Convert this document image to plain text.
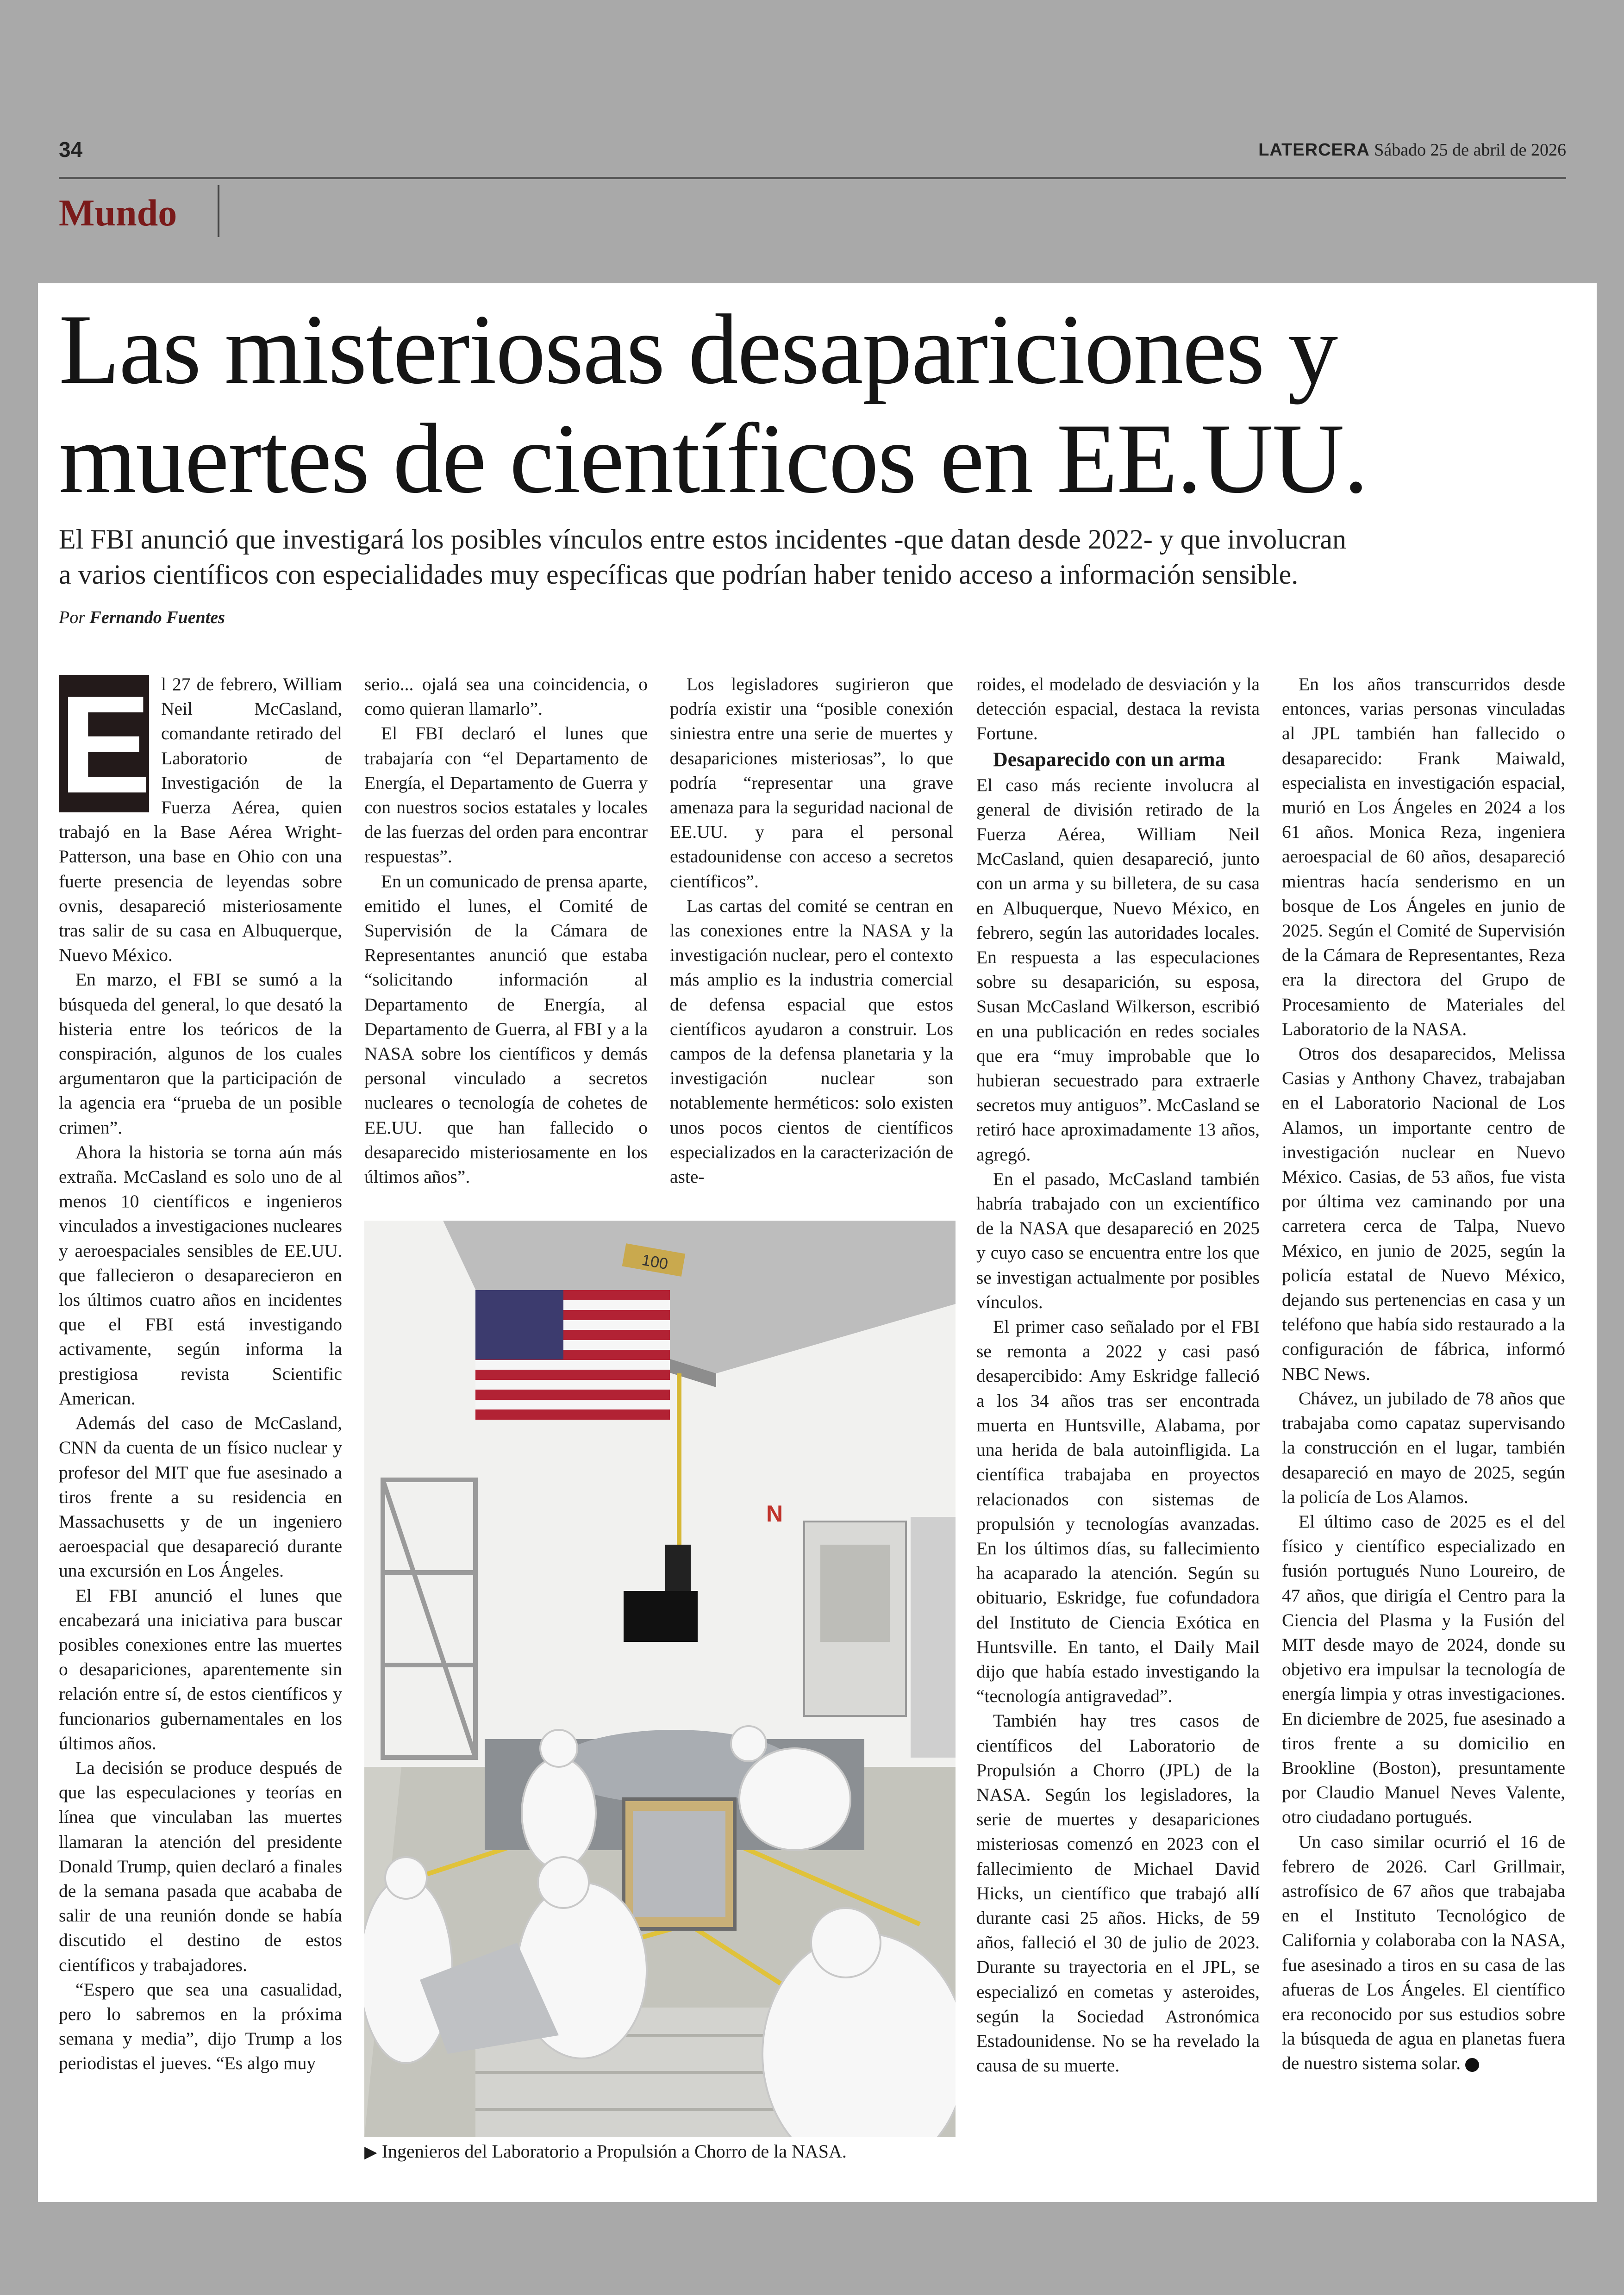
34	LATERCERA Sábado 25 de abril de 2026
Mundo
Las misteriosas desapariciones y
muertes de científicos en EE.UU.

El FBI anunció que investigará los posibles vínculos entre estos incidentes -que datan desde 2022- y que involucran
a varios científicos con especialidades muy específicas que podrían haber tenido acceso a información sensible.

Por Fernando Fuentes
E l 27 de febrero, William Neil McCasland, comandante retirado del Laboratorio de Investigación de la Fuerza Aérea, quien trabajó en la Base Aérea Wright-Patterson, una base en Ohio con una fuerte presencia de leyendas sobre ovnis, desapareció misteriosamente tras salir de su casa en Albuquerque, Nuevo México.

En marzo, el FBI se sumó a la búsqueda del general, lo que desató la histeria entre los teóricos de la conspiración, algunos de los cuales argumentaron que la participación de la agencia era “prueba de un posible crimen”.

Ahora la historia se torna aún más extraña. McCasland es solo uno de al menos 10 científicos e ingenieros vinculados a investigaciones nucleares y aeroespaciales sensibles de EE.UU. que fallecieron o desaparecieron en los últimos cuatro años en incidentes que el FBI está investigando activamente, según informa la prestigiosa revista Scientific American.

Además del caso de McCasland, CNN da cuenta de un físico nuclear y profesor del MIT que fue asesinado a tiros frente a su residencia en Massachusetts y de un ingeniero aeroespacial que desapareció durante una excursión en Los Ángeles.

El FBI anunció el lunes que encabezará una iniciativa para buscar posibles conexiones entre las muertes o desapariciones, aparentemente sin relación entre sí, de estos científicos y funcionarios gubernamentales en los últimos años.

La decisión se produce después de que las especulaciones y teorías en línea que vinculaban las muertes llamaran la atención del presidente Donald Trump, quien declaró a finales de la semana pasada que acababa de salir de una reunión donde se había discutido el destino de estos científicos y trabajadores.

“Espero que sea una casualidad, pero lo sabremos en la próxima semana y media”, dijo Trump a los periodistas el jueves. “Es algo muy

serio... ojalá sea una coincidencia, o como quieran llamarlo”.

El FBI declaró el lunes que trabajaría con “el Departamento de Energía, el Departamento de Guerra y con nuestros socios estatales y locales de las fuerzas del orden para encontrar respuestas”.

En un comunicado de prensa aparte, emitido el lunes, el Comité de Supervisión de la Cámara de Representantes anunció que estaba “solicitando información al Departamento de Energía, al Departamento de Guerra, al FBI y a la NASA sobre los científicos y demás personal vinculado a secretos nucleares o tecnología de cohetes de EE.UU. que han fallecido o desaparecido misteriosamente en los últimos años”.

Los legisladores sugirieron que podría existir una “posible conexión siniestra entre una serie de muertes y desapariciones misteriosas”, lo que podría “representar una grave amenaza para la seguridad nacional de EE.UU. y para el personal estadounidense con acceso a secretos científicos”.

Las cartas del comité se centran en las conexiones entre la NASA y la investigación nuclear, pero el contexto más amplio es la industria comercial de defensa espacial que estos científicos ayudaron a construir. Los campos de la defensa planetaria y la investigación nuclear son notablemente herméticos: solo existen unos pocos cientos de científicos especializados en la caracterización de aste-

roides, el modelado de desviación y la detección espacial, destaca la revista Fortune.

Desaparecido con un arma

El caso más reciente involucra al general de división retirado de la Fuerza Aérea, William Neil McCasland, quien desapareció, junto con un arma y su billetera, de su casa en Albuquerque, Nuevo México, en febrero, según las autoridades locales. En respuesta a las especulaciones sobre su desaparición, su esposa, Susan McCasland Wilkerson, escribió en una publicación en redes sociales que era “muy improbable que lo hubieran secuestrado para extraerle secretos muy antiguos”. McCasland se retiró hace aproximadamente 13 años, agregó.

En el pasado, McCasland también habría trabajado con un excientífico de la NASA que desapareció en 2025 y cuyo caso se encuentra entre los que se investigan actualmente por posibles vínculos.

El primer caso señalado por el FBI se remonta a 2022 y casi pasó desapercibido: Amy Eskridge falleció a los 34 años tras ser encontrada muerta en Huntsville, Alabama, por una herida de bala autoinfligida. La científica trabajaba en proyectos relacionados con sistemas de propulsión y tecnologías avanzadas. En los últimos días, su fallecimiento ha acaparado la atención. Según su obituario, Eskridge, fue cofundadora del Instituto de Ciencia Exótica en Huntsville. En tanto, el Daily Mail dijo que había estado investigando la “tecnología antigravedad”.

También hay tres casos de científicos del Laboratorio de Propulsión a Chorro (JPL) de la NASA. Según los legisladores, la serie de muertes y desapariciones misteriosas comenzó en 2023 con el fallecimiento de Michael David Hicks, un científico que trabajó allí durante casi 25 años. Hicks, de 59 años, falleció el 30 de julio de 2023. Durante su trayectoria en el JPL, se especializó en cometas y asteroides, según la Sociedad Astronómica Estadounidense. No se ha revelado la causa de su muerte.

En los años transcurridos desde entonces, varias personas vinculadas al JPL también han fallecido o desaparecido: Frank Maiwald, especialista en investigación espacial, murió en Los Ángeles en 2024 a los 61 años. Monica Reza, ingeniera aeroespacial de 60 años, desapareció mientras hacía senderismo en un bosque de Los Ángeles en junio de 2025. Según el Comité de Supervisión de la Cámara de Representantes, Reza era la directora del Grupo de Procesamiento de Materiales del Laboratorio de la NASA.

Otros dos desaparecidos, Melissa Casias y Anthony Chavez, trabajaban en el Laboratorio Nacional de Los Alamos, un importante centro de investigación nuclear en Nuevo México. Casias, de 53 años, fue vista por última vez caminando por una carretera cerca de Talpa, Nuevo México, en junio de 2025, según la policía estatal de Nuevo México, dejando sus pertenencias en casa y un teléfono que había sido restaurado a la configuración de fábrica, informó NBC News.

Chávez, un jubilado de 78 años que trabajaba como capataz supervisando la construcción en el lugar, también desapareció en mayo de 2025, según la policía de Los Alamos.

El último caso de 2025 es el del físico y científico especializado en fusión portugués Nuno Loureiro, de 47 años, que dirigía el Centro para la Ciencia del Plasma y la Fusión del MIT desde mayo de 2024, donde su objetivo era impulsar la tecnología de energía limpia y otras investigaciones. En diciembre de 2025, fue asesinado a tiros frente a su domicilio en Brookline (Boston), presuntamente por Claudio Manuel Neves Valente, otro ciudadano portugués.

Un caso similar ocurrió el 16 de febrero de 2026. Carl Grillmair, astrofísico de 67 años que trabajaba en el Instituto Tecnológico de California y colaboraba con la NASA, fue asesinado a tiros en su casa de las afueras de Los Ángeles. El científico era reconocido por sus estudios sobre la búsqueda de agua en planetas fuera de nuestro sistema solar.

100
N
▶ Ingenieros del Laboratorio a Propulsión a Chorro de la NASA.
